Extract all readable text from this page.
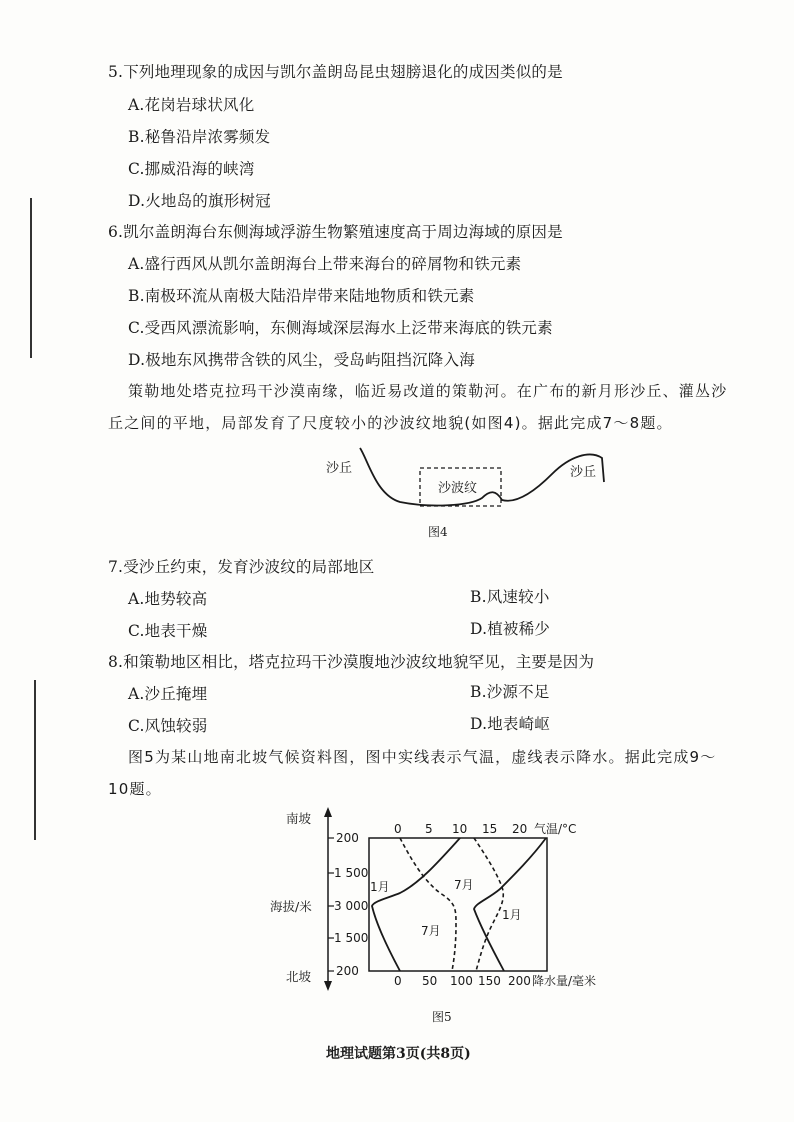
5.下列地理现象的成因与凯尔盖朗岛昆虫翅膀退化的成因类似的是
A.花岗岩球状风化
B.秘鲁沿岸浓雾频发
C.挪威沿海的峡湾
D.火地岛的旗形树冠
6.凯尔盖朗海台东侧海域浮游生物繁殖速度高于周边海域的原因是
A.盛行西风从凯尔盖朗海台上带来海台的碎屑物和铁元素
B.南极环流从南极大陆沿岸带来陆地物质和铁元素
C.受西风漂流影响，东侧海域深层海水上泛带来海底的铁元素
D.极地东风携带含铁的风尘，受岛屿阻挡沉降入海
策勒地处塔克拉玛干沙漠南缘，临近易改道的策勒河。在广布的新月形沙丘、灌丛沙
丘之间的平地，局部发育了尺度较小的沙波纹地貌(如图4)。据此完成7～8题。
沙丘	沙丘
沙波纹
图4
7.受沙丘约束，发育沙波纹的局部地区
A.地势较高	B.风速较小
C.地表干燥	D.植被稀少
8.和策勒地区相比，塔克拉玛干沙漠腹地沙波纹地貌罕见，主要是因为
A.沙丘掩埋	B.沙源不足
C.风蚀较弱	D.地表崎岖
图5为某山地南北坡气候资料图，图中实线表示气温，虚线表示降水。据此完成9～
10题。
南坡
北坡
海拔/米
200
1 500
3 000
1 500
200
0 5 10 15 20 气温/°C
0 50 100 150 200 降水量/毫米
1月	7月
7月
1月
图5
地理试题第3页(共8页)
